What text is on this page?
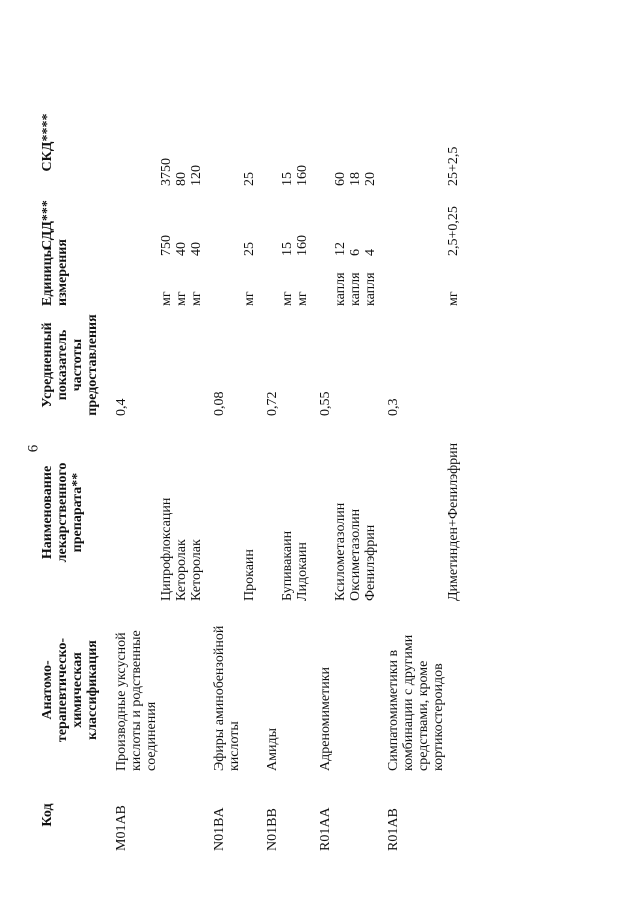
6
Код	Анатомо-терапевтическо-химическая классификация	Наименование лекарственного препарата**	Усредненный показатель частоты предоставления	Единицы измерения	СДД***	СКД****
M01AB	Производные уксусной кислоты и родственные соединения		0,4			
		Ципрофлоксацин		мг	750	3750
		Кеторолак		мг	40	80
		Кеторолак		мг	40	120
N01BA	Эфиры аминобензойной кислоты		0,08			
		Прокаин		мг	25	25
N01BB	Амиды		0,72			
		Бупивакаин		мг	15	15
		Лидокаин		мг	160	160
R01AA	Адреномиметики		0,55			
		Ксилометазолин		капля	12	60
		Оксиметазолин		капля	6	18
		Фенилэфрин		капля	4	20
R01AB	Симпатомиметики в комбинации с другими средствами, кроме кортикостероидов		0,3			
		Диметинден+Фенилэфрин		мг	2,5+0,25	25+2,5
